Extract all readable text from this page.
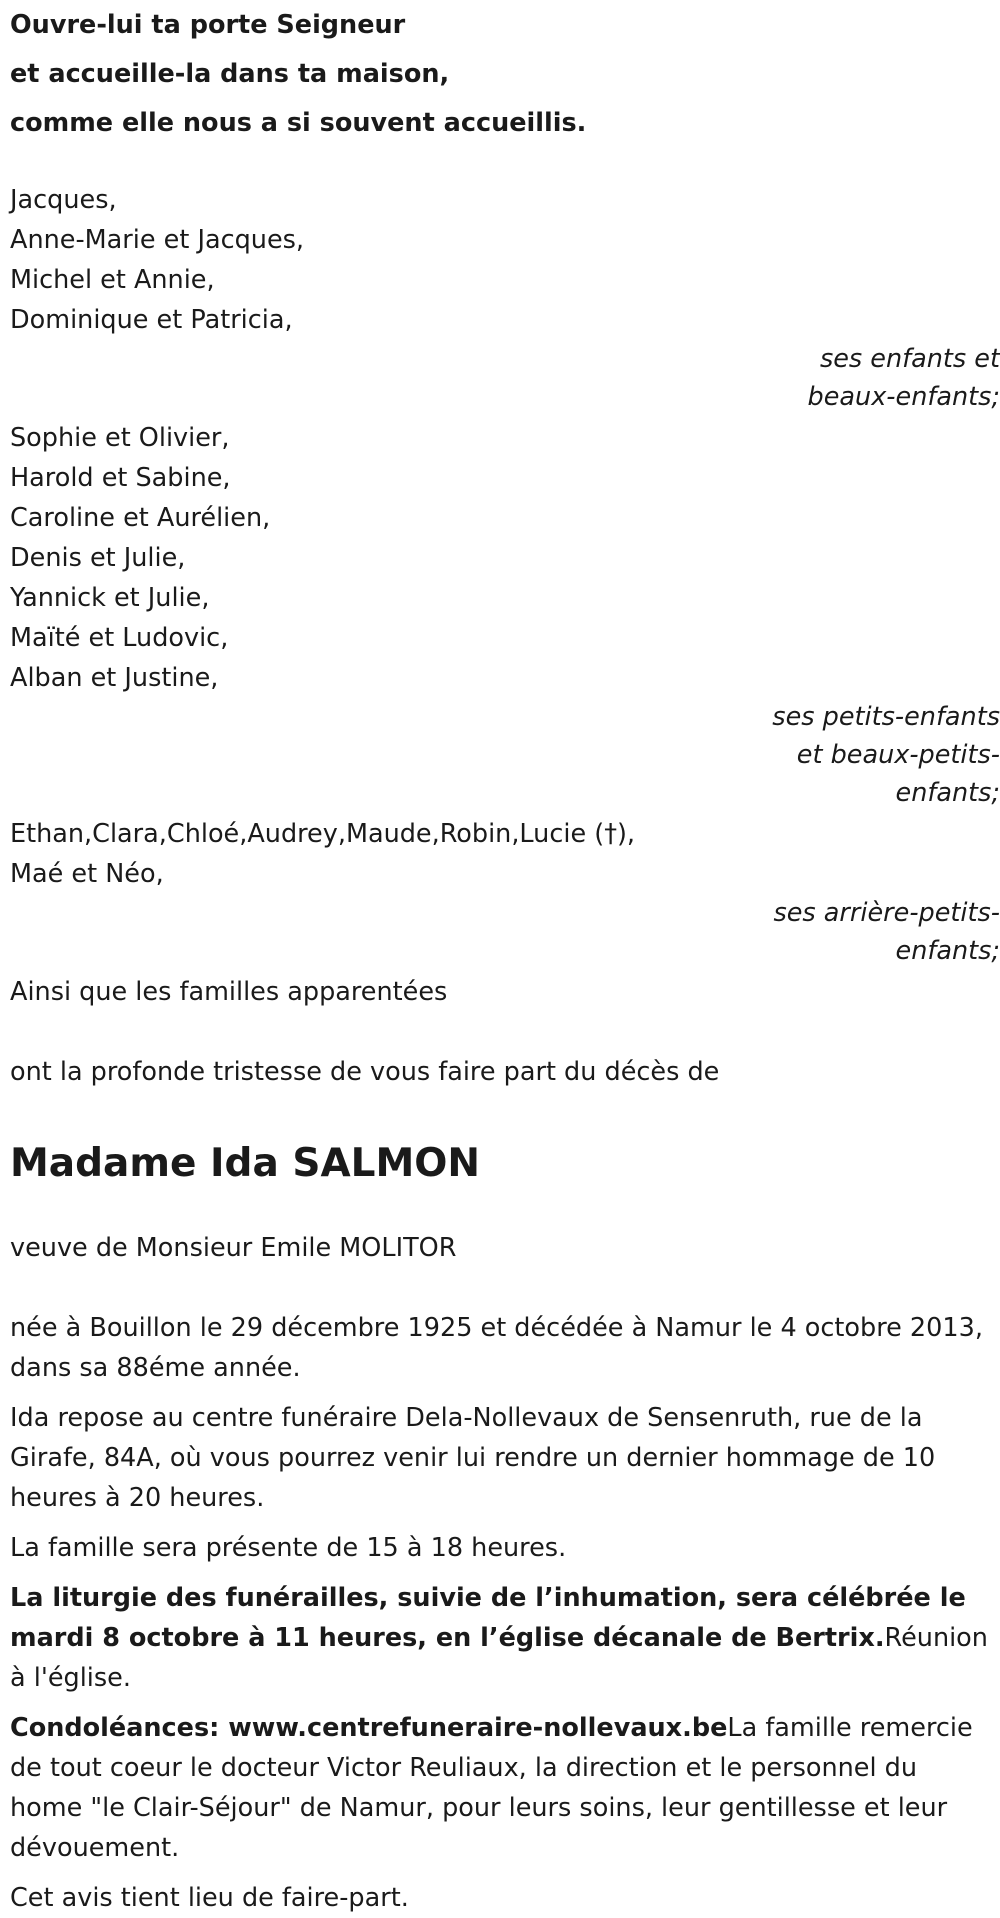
Ouvre-lui ta porte Seigneur

et accueille-la dans ta maison,

comme elle nous a si souvent accueillis.

Jacques,

Anne-Marie et Jacques,

Michel et Annie,

Dominique et Patricia,

ses enfants et
beaux-enfants;

Sophie et Olivier,

Harold et Sabine,

Caroline et Aurélien,

Denis et Julie,

Yannick et Julie,

Maïté et Ludovic,

Alban et Justine,

ses petits-enfants
et beaux-petits-
enfants;

Ethan,Clara,Chloé,Audrey,Maude,Robin,Lucie (†),

Maé et Néo,

ses arrière-petits-
enfants;

Ainsi que les familles apparentées

ont la profonde tristesse de vous faire part du décès de

Madame Ida SALMON

veuve de Monsieur Emile MOLITOR

née à Bouillon le 29 décembre 1925 et décédée à Namur le 4 octobre 2013, dans sa 88éme année.

Ida repose au centre funéraire Dela-Nollevaux de Sensenruth, rue de la Girafe, 84A, où vous pourrez venir lui rendre un dernier hommage de 10 heures à 20 heures.

La famille sera présente de 15 à 18 heures.

La liturgie des funérailles, suivie de l’inhumation, sera célébrée le mardi 8 octobre à 11 heures, en l’église décanale de Bertrix.Réunion à l'église.

Condoléances: www.centrefuneraire-nollevaux.beLa famille remercie de tout coeur le docteur Victor Reuliaux, la direction et le personnel du home "le Clair-Séjour" de Namur, pour leurs soins, leur gentillesse et leur dévouement.

Cet avis tient lieu de faire-part.
